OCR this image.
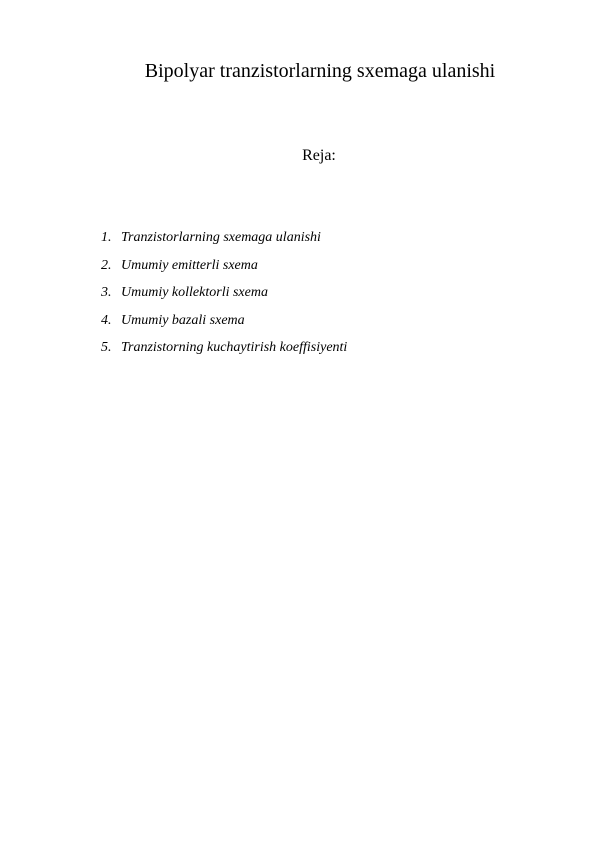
Bipolyar tranzistorlarning sxemaga ulanishi
Reja:
1. Tranzistorlarning sxemaga ulanishi
2. Umumiy emitterli sxema
3. Umumiy kollektorli sxema
4. Umumiy bazali sxema
5. Tranzistorning kuchaytirish koeffisiyenti
